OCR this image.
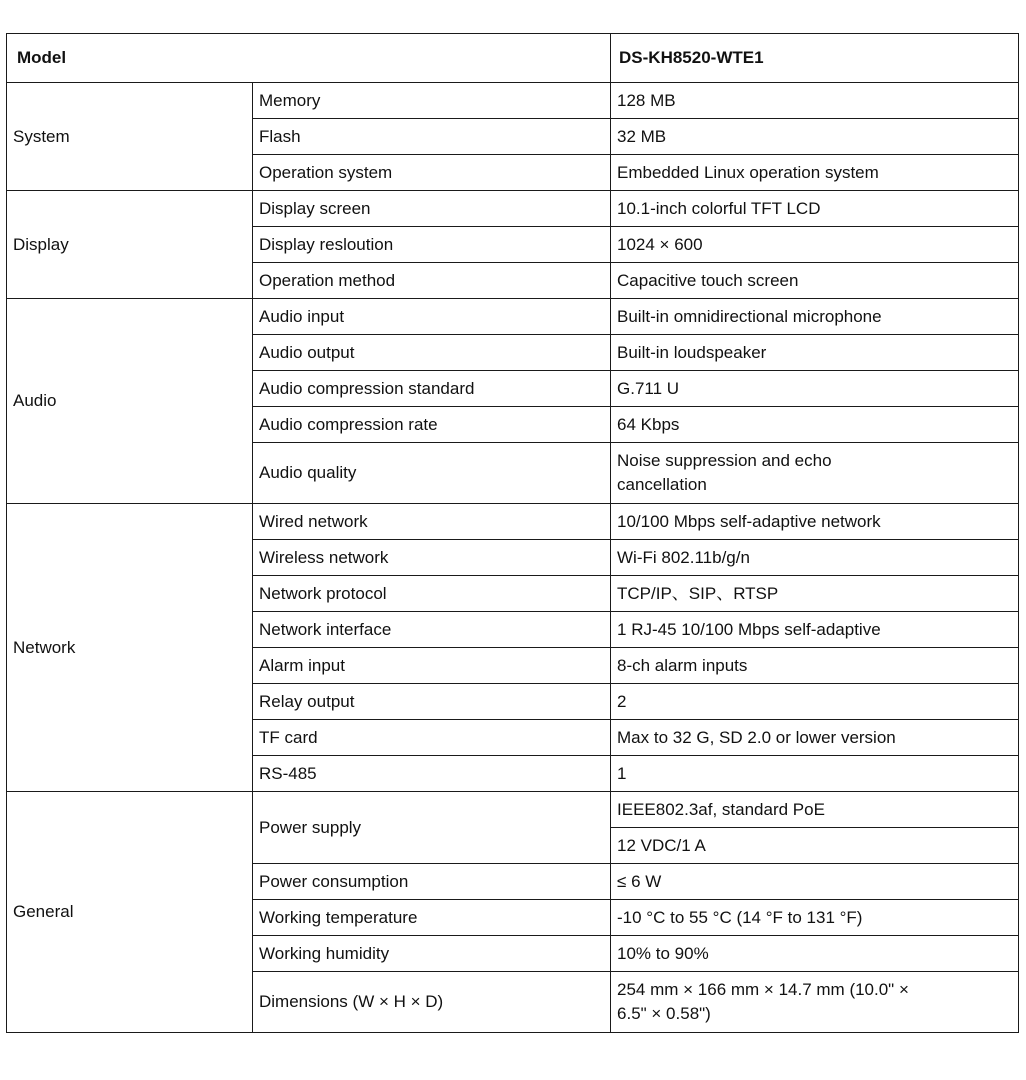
Model		DS-KH8520-WTE1
System	Memory	128 MB
	Flash	32 MB
	Operation system	Embedded Linux operation system
Display	Display screen	10.1-inch colorful TFT LCD
	Display resloution	1024 × 600
	Operation method	Capacitive touch screen
Audio	Audio input	Built-in omnidirectional microphone
	Audio output	Built-in loudspeaker
	Audio compression standard	G.711 U
	Audio compression rate	64 Kbps
	Audio quality	Noise suppression and echo
cancellation

Network	Wired network	10/100 Mbps self-adaptive network
	Wireless network	Wi-Fi 802.11b/g/n
	Network protocol	TCP/IP、SIP、RTSP
	Network interface	1 RJ-45 10/100 Mbps self-adaptive
	Alarm input	8-ch alarm inputs
	Relay output	2
	TF card	Max to 32 G, SD 2.0 or lower version
	RS-485	1
General	Power supply	IEEE802.3af, standard PoE
		12 VDC/1 A
	Power consumption	≤ 6 W
	Working temperature	-10 °C to 55 °C (14 °F to 131 °F)
	Working humidity	10% to 90%
	Dimensions (W × H × D)	254 mm × 166 mm × 14.7 mm (10.0" ×
6.5" × 0.58")
